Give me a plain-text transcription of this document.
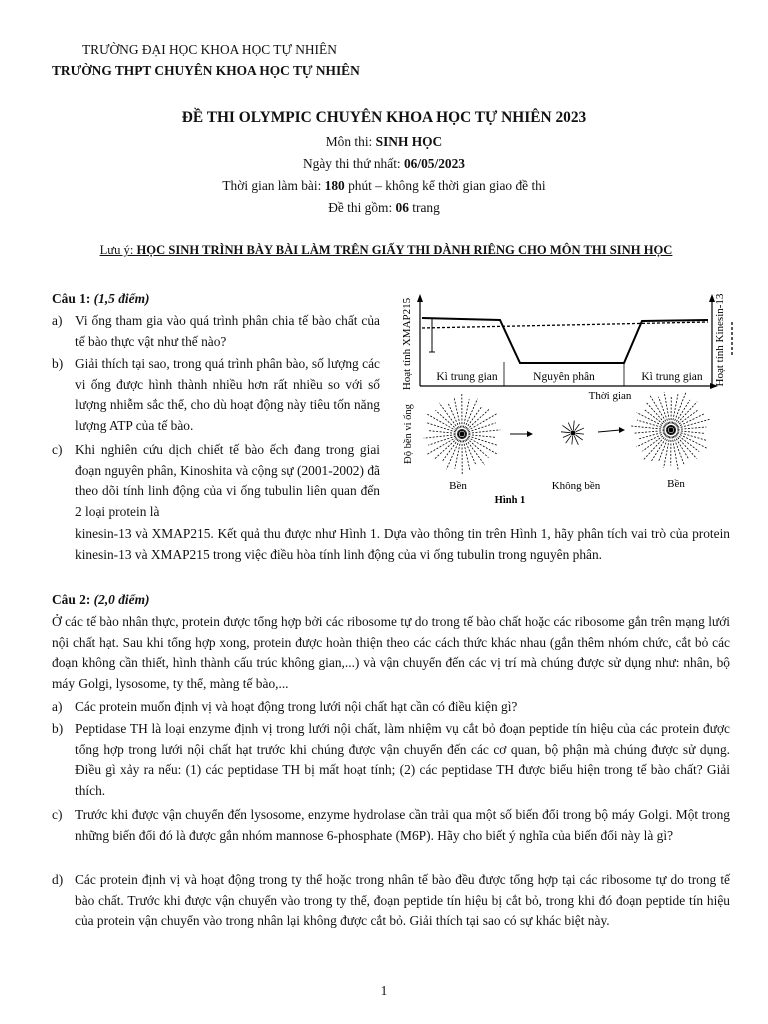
TRƯỜNG ĐẠI HỌC KHOA HỌC TỰ NHIÊN
TRƯỜNG THPT CHUYÊN KHOA HỌC TỰ NHIÊN
ĐỀ THI OLYMPIC CHUYÊN KHOA HỌC TỰ NHIÊN 2023
Môn thi: SINH HỌC
Ngày thi thứ nhất: 06/05/2023
Thời gian làm bài: 180 phút – không kể thời gian giao đề thi
Đề thi gồm: 06 trang
Lưu ý: HỌC SINH TRÌNH BÀY BÀI LÀM TRÊN GIẤY THI DÀNH RIÊNG CHO MÔN THI SINH HỌC
Câu 1: (1,5 điểm)
a) Vi ống tham gia vào quá trình phân chia tế bào chất của tế bào thực vật như thế nào?
b) Giải thích tại sao, trong quá trình phân bào, số lượng các vi ống được hình thành nhiều hơn rất nhiều so với số lượng nhiễm sắc thể, cho dù hoạt động này tiêu tốn năng lượng ATP của tế bào.
c) Khi nghiên cứu dịch chiết tế bào ếch đang trong giai đoạn nguyên phân, Kinoshita và cộng sự (2001-2002) đã theo dõi tính linh động của vi ống tubulin liên quan đến 2 loại protein là
kinesin-13 và XMAP215. Kết quả thu được như Hình 1. Dựa vào thông tin trên Hình 1, hãy phân tích vai trò của protein kinesin-13 và XMAP215 trong việc điều hòa tính linh động của vi ống tubulin trong nguyên phân.
Hoạt tính XMAP215	Hoạt tính Kinesin-13
Kì trung gian	Nguyên phân	Kì trung gian
Thời gian
Độ bền vi ống
Bền	Không bền	Bền
Hình 1
Câu 2: (2,0 điểm)
Ở các tế bào nhân thực, protein được tổng hợp bởi các ribosome tự do trong tế bào chất hoặc các ribosome gắn trên mạng lưới nội chất hạt. Sau khi tổng hợp xong, protein được hoàn thiện theo các cách thức khác nhau (gắn thêm nhóm chức, cắt bỏ các đoạn không cần thiết, hình thành cấu trúc không gian,...) và vận chuyển đến các vị trí mà chúng được sử dụng như: nhân, bộ máy Golgi, lysosome, ty thể, màng tế bào,...
a) Các protein muốn định vị và hoạt động trong lưới nội chất hạt cần có điều kiện gì?
b) Peptidase TH là loại enzyme định vị trong lưới nội chất, làm nhiệm vụ cắt bỏ đoạn peptide tín hiệu của các protein được tổng hợp trong lưới nội chất hạt trước khi chúng được vận chuyển đến các cơ quan, bộ phận mà chúng được sử dụng. Điều gì xảy ra nếu: (1) các peptidase TH bị mất hoạt tính; (2) các peptidase TH được biểu hiện trong tế bào chất? Giải thích.
c) Trước khi được vận chuyển đến lysosome, enzyme hydrolase cần trải qua một số biến đổi trong bộ máy Golgi. Một trong những biến đổi đó là được gắn nhóm mannose 6-phosphate (M6P). Hãy cho biết ý nghĩa của biến đổi này là gì?
d) Các protein định vị và hoạt động trong ty thể hoặc trong nhân tế bào đều được tổng hợp tại các ribosome tự do trong tế bào chất. Trước khi được vận chuyển vào trong ty thể, đoạn peptide tín hiệu bị cắt bỏ, trong khi đó đoạn peptide tín hiệu của protein vận chuyển vào trong nhân lại không được cắt bỏ. Giải thích tại sao có sự khác biệt này.
1
